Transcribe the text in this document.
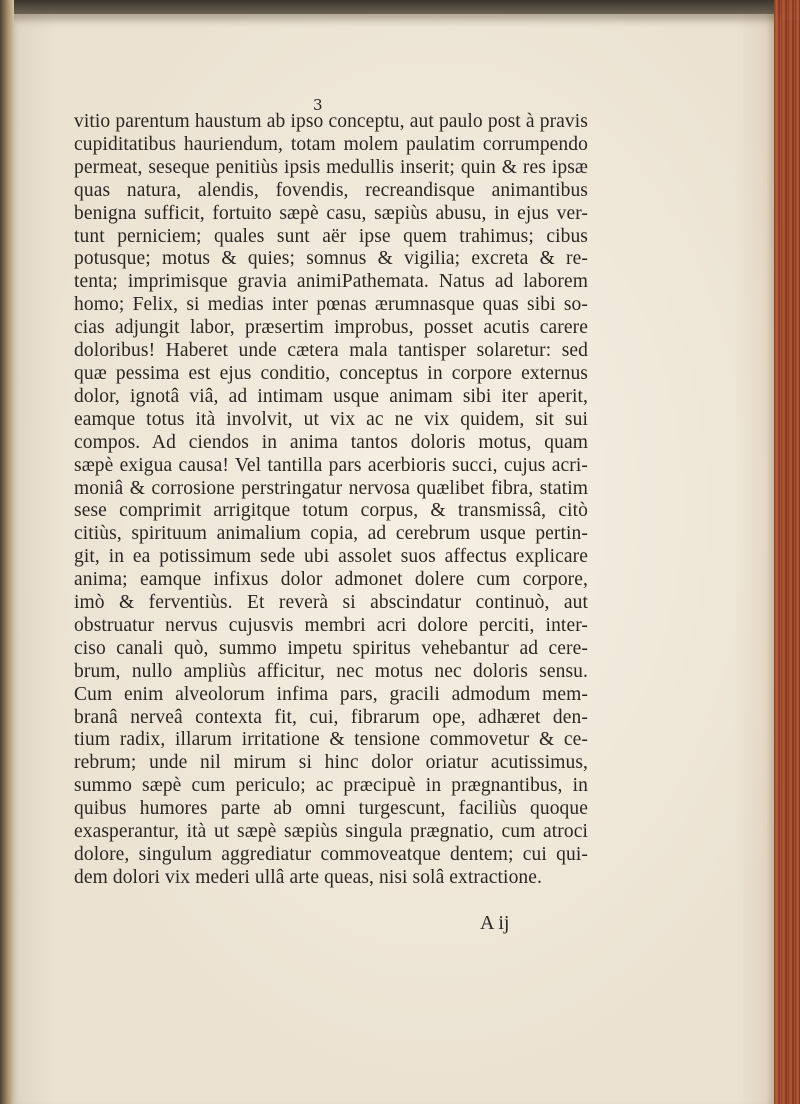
3
vitio parentum haustum ab ipso conceptu, aut paulo post à pravis
cupiditatibus hauriendum, totam molem paulatim corrumpendo
permeat, seseque penitiùs ipsis medullis inserit; quin & res ipsæ
quas natura, alendis, fovendis, recreandisque animantibus
benigna sufficit, fortuito sæpè casu, sæpiùs abusu, in ejus ver-
tunt perniciem; quales sunt aër ipse quem trahimus; cibus
potusque; motus & quies; somnus & vigilia; excreta & re-
tenta; imprimisque gravia animiPathemata. Natus ad laborem
homo; Felix, si medias inter pœnas ærumnasque quas sibi so-
cias adjungit labor, præsertim improbus, posset acutis carere
doloribus! Haberet unde cætera mala tantisper solaretur: sed
quæ pessima est ejus conditio, conceptus in corpore externus
dolor, ignotâ viâ, ad intimam usque animam sibi iter aperit,
eamque totus ità involvit, ut vix ac ne vix quidem, sit sui
compos. Ad ciendos in anima tantos doloris motus, quam
sæpè exigua causa! Vel tantilla pars acerbioris succi, cujus acri-
moniâ & corrosione perstringatur nervosa quælibet fibra, statim
sese comprimit arrigitque totum corpus, & transmissâ, citò
citiùs, spirituum animalium copia, ad cerebrum usque pertin-
git, in ea potissimum sede ubi assolet suos affectus explicare
anima; eamque infixus dolor admonet dolere cum corpore,
imò & ferventiùs. Et reverà si abscindatur continuò, aut
obstruatur nervus cujusvis membri acri dolore perciti, inter-
ciso canali quò, summo impetu spiritus vehebantur ad cere-
brum, nullo ampliùs afficitur, nec motus nec doloris sensu.
Cum enim alveolorum infima pars, gracili admodum mem-
branâ nerveâ contexta fit, cui, fibrarum ope, adhæret den-
tium radix, illarum irritatione & tensione commovetur & ce-
rebrum; unde nil mirum si hinc dolor oriatur acutissimus,
summo sæpè cum periculo; ac præcipuè in prægnantibus, in
quibus humores parte ab omni turgescunt, faciliùs quoque
exasperantur, ità ut sæpè sæpiùs singula prægnatio, cum atroci
dolore, singulum aggrediatur commoveatque dentem; cui qui-
dem dolori vix mederi ullâ arte queas, nisi solâ extractione.
A ij
